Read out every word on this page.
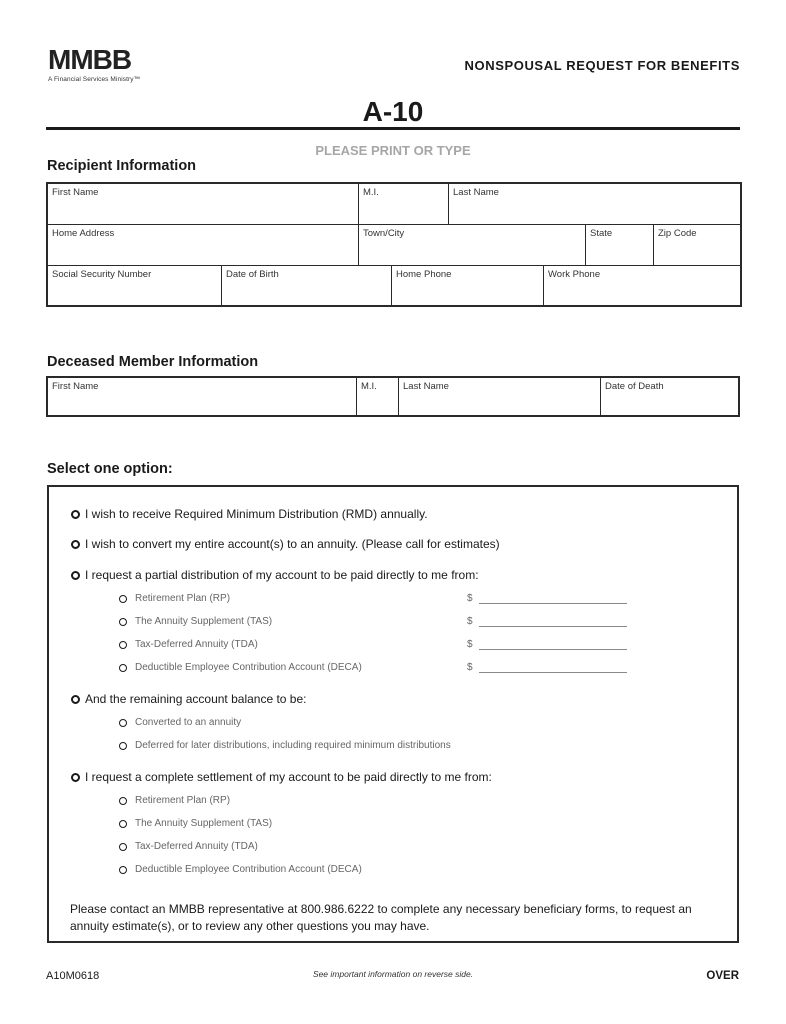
MMBB
A Financial Services Ministry™
NONSPOUSAL REQUEST FOR BENEFITS
A-10
PLEASE PRINT OR TYPE
Recipient Information
First Name	M.I.	Last Name
Home Address	Town/City	State	Zip Code
Social Security Number	Date of Birth	Home Phone	Work Phone
Deceased Member Information
First Name	M.I.	Last Name	Date of Death
Select one option:
I wish to receive Required Minimum Distribution (RMD) annually.
I wish to convert my entire account(s) to an annuity. (Please call for estimates)
I request a partial distribution of my account to be paid directly to me from:
Retirement Plan (RP)	$
The Annuity Supplement (TAS)	$
Tax-Deferred Annuity (TDA)	$
Deductible Employee Contribution Account (DECA)	$
And the remaining account balance to be:
Converted to an annuity
Deferred for later distributions, including required minimum distributions
I request a complete settlement of my account to be paid directly to me from:
Retirement Plan (RP)
The Annuity Supplement (TAS)
Tax-Deferred Annuity (TDA)
Deductible Employee Contribution Account (DECA)
Please contact an MMBB representative at 800.986.6222 to complete any necessary beneficiary forms, to request an annuity estimate(s), or to review any other questions you may have.
A10M0618	See important information on reverse side.	OVER
